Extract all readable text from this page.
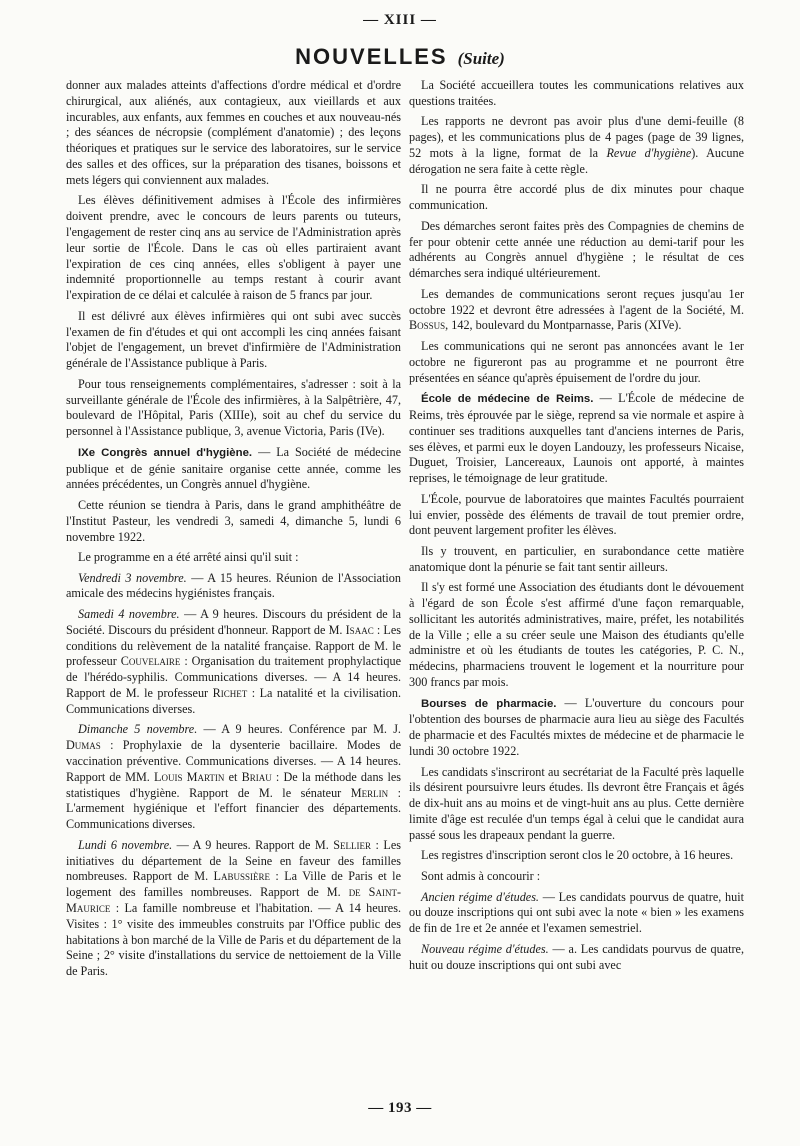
— XIII —
NOUVELLES (Suite)

donner aux malades atteints d'affections d'ordre médical et d'ordre chirurgical, aux aliénés, aux contagieux, aux vieillards et aux incurables, aux enfants, aux femmes en couches et aux nouveau-nés ; des séances de nécropsie (complément d'anatomie) ; des leçons théoriques et pratiques sur le service des laboratoires, sur le service des salles et des offices, sur la préparation des tisanes, boissons et mets légers qui conviennent aux malades.

Les élèves définitivement admises à l'École des infirmières doivent prendre, avec le concours de leurs parents ou tuteurs, l'engagement de rester cinq ans au service de l'Administration après leur sortie de l'École. Dans le cas où elles partiraient avant l'expiration de ces cinq années, elles s'obligent à payer une indemnité proportionnelle au temps restant à courir avant l'expiration de ce délai et calculée à raison de 5 francs par jour.

Il est délivré aux élèves infirmières qui ont subi avec succès l'examen de fin d'études et qui ont accompli les cinq années faisant l'objet de l'engagement, un brevet d'infirmière de l'Administration générale de l'Assistance publique à Paris.

Pour tous renseignements complémentaires, s'adresser : soit à la surveillante générale de l'École des infirmières, à la Salpêtrière, 47, boulevard de l'Hôpital, Paris (XIIIe), soit au chef du service du personnel à l'Assistance publique, 3, avenue Victoria, Paris (IVe).

IXe Congrès annuel d'hygiène. — La Société de médecine publique et de génie sanitaire organise cette année, comme les années précédentes, un Congrès annuel d'hygiène.

Cette réunion se tiendra à Paris, dans le grand amphithéâtre de l'Institut Pasteur, les vendredi 3, samedi 4, dimanche 5, lundi 6 novembre 1922.

Le programme en a été arrêté ainsi qu'il suit :

Vendredi 3 novembre. — A 15 heures. Réunion de l'Association amicale des médecins hygiénistes français.

Samedi 4 novembre. — A 9 heures. Discours du président de la Société. Discours du président d'honneur. Rapport de M. Isaac : Les conditions du relèvement de la natalité française. Rapport de M. le professeur Couvelaire : Organisation du traitement prophylactique de l'hérédo-syphilis. Communications diverses. — A 14 heures. Rapport de M. le professeur Richet : La natalité et la civilisation. Communications diverses.

Dimanche 5 novembre. — A 9 heures. Conférence par M. J. Dumas : Prophylaxie de la dysenterie bacillaire. Modes de vaccination préventive. Communications diverses. — A 14 heures. Rapport de MM. Louis Martin et Briau : De la méthode dans les statistiques d'hygiène. Rapport de M. le sénateur Merlin : L'armement hygiénique et l'effort financier des départements. Communications diverses.

Lundi 6 novembre. — A 9 heures. Rapport de M. Sellier : Les initiatives du département de la Seine en faveur des familles nombreuses. Rapport de M. Labussière : La Ville de Paris et le logement des familles nombreuses. Rapport de M. de Saint-Maurice : La famille nombreuse et l'habitation. — A 14 heures. Visites : 1° visite des immeubles construits par l'Office public des habitations à bon marché de la Ville de Paris et du département de la Seine ; 2° visite d'installations du service de nettoiement de la Ville de Paris.

La Société accueillera toutes les communications relatives aux questions traitées.

Les rapports ne devront pas avoir plus d'une demi-feuille (8 pages), et les communications plus de 4 pages (page de 39 lignes, 52 mots à la ligne, format de la Revue d'hygiène). Aucune dérogation ne sera faite à cette règle.

Il ne pourra être accordé plus de dix minutes pour chaque communication.

Des démarches seront faites près des Compagnies de chemins de fer pour obtenir cette année une réduction au demi-tarif pour les adhérents au Congrès annuel d'hygiène ; le résultat de ces démarches sera indiqué ultérieurement.

Les demandes de communications seront reçues jusqu'au 1er octobre 1922 et devront être adressées à l'agent de la Société, M. Bossus, 142, boulevard du Montparnasse, Paris (XIVe).

Les communications qui ne seront pas annoncées avant le 1er octobre ne figureront pas au programme et ne pourront être présentées en séance qu'après épuisement de l'ordre du jour.

École de médecine de Reims. — L'École de médecine de Reims, très éprouvée par le siège, reprend sa vie normale et aspire à continuer ses traditions auxquelles tant d'anciens internes de Paris, ses élèves, et parmi eux le doyen Landouzy, les professeurs Nicaise, Duguet, Troisier, Lancereaux, Launois ont apporté, à maintes reprises, le témoignage de leur gratitude.

L'École, pourvue de laboratoires que maintes Facultés pourraient lui envier, possède des éléments de travail de tout premier ordre, dont peuvent largement profiter les élèves.

Ils y trouvent, en particulier, en surabondance cette matière anatomique dont la pénurie se fait tant sentir ailleurs.

Il s'y est formé une Association des étudiants dont le dévouement à l'égard de son École s'est affirmé d'une façon remarquable, sollicitant les autorités administratives, maire, préfet, les notabilités de la Ville ; elle a su créer seule une Maison des étudiants qu'elle administre et où les étudiants de toutes les catégories, P. C. N., médecins, pharmaciens trouvent le logement et la nourriture pour 300 francs par mois.

Bourses de pharmacie. — L'ouverture du concours pour l'obtention des bourses de pharmacie aura lieu au siège des Facultés de pharmacie et des Facultés mixtes de médecine et de pharmacie le lundi 30 octobre 1922.

Les candidats s'inscriront au secrétariat de la Faculté près laquelle ils désirent poursuivre leurs études. Ils devront être Français et âgés de dix-huit ans au moins et de vingt-huit ans au plus. Cette dernière limite d'âge est reculée d'un temps égal à celui que le candidat aura passé sous les drapeaux pendant la guerre.

Les registres d'inscription seront clos le 20 octobre, à 16 heures.

Sont admis à concourir :

Ancien régime d'études. — Les candidats pourvus de quatre, huit ou douze inscriptions qui ont subi avec la note « bien » les examens de fin de 1re et 2e année et l'examen semestriel.

Nouveau régime d'études. — a. Les candidats pourvus de quatre, huit ou douze inscriptions qui ont subi avec

— 193 —
